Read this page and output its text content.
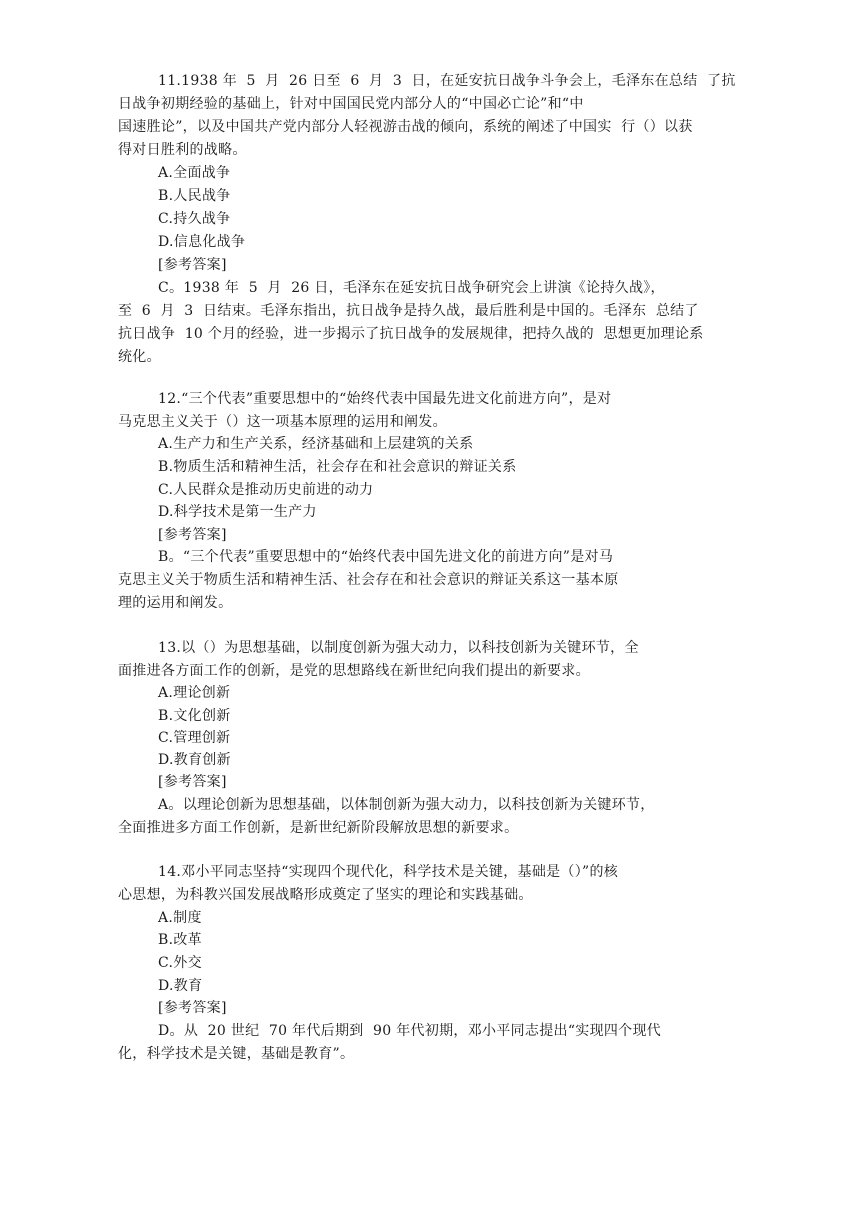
11.1938 年  5  月  26 日至  6  月  3  日，在延安抗日战争斗争会上，毛泽东在总结  了抗
日战争初期经验的基础上，针对中国国民党内部分人的“中国必亡论”和“中
国速胜论”，以及中国共产党内部分人轻视游击战的倾向，系统的阐述了中国实  行（）以获
得对日胜利的战略。
A.全面战争
B.人民战争
C.持久战争
D.信息化战争
[参考答案]
C。1938 年  5  月  26 日，毛泽东在延安抗日战争研究会上讲演《论持久战》，
至  6  月  3  日结束。毛泽东指出，抗日战争是持久战，最后胜利是中国的。毛泽东  总结了
抗日战争  10 个月的经验，进一步揭示了抗日战争的发展规律，把持久战的  思想更加理论系
统化。
12.“三个代表”重要思想中的“始终代表中国最先进文化前进方向”，是对
马克思主义关于（）这一项基本原理的运用和阐发。
A.生产力和生产关系，经济基础和上层建筑的关系
B.物质生活和精神生活，社会存在和社会意识的辩证关系
C.人民群众是推动历史前进的动力
D.科学技术是第一生产力
[参考答案]
B。“三个代表”重要思想中的“始终代表中国先进文化的前进方向”是对马
克思主义关于物质生活和精神生活、社会存在和社会意识的辩证关系这一基本原
理的运用和阐发。
13.以（）为思想基础，以制度创新为强大动力，以科技创新为关键环节，全
面推进各方面工作的创新，是党的思想路线在新世纪向我们提出的新要求。
A.理论创新
B.文化创新
C.管理创新
D.教育创新
[参考答案]
A。以理论创新为思想基础，以体制创新为强大动力，以科技创新为关键环节，
全面推进多方面工作创新，是新世纪新阶段解放思想的新要求。
14.邓小平同志坚持“实现四个现代化，科学技术是关键，基础是（）”的核
心思想，为科教兴国发展战略形成奠定了坚实的理论和实践基础。
A.制度
B.改革
C.外交
D.教育
[参考答案]
D。从  20 世纪  70 年代后期到  90 年代初期，邓小平同志提出“实现四个现代
化，科学技术是关键，基础是教育”。
